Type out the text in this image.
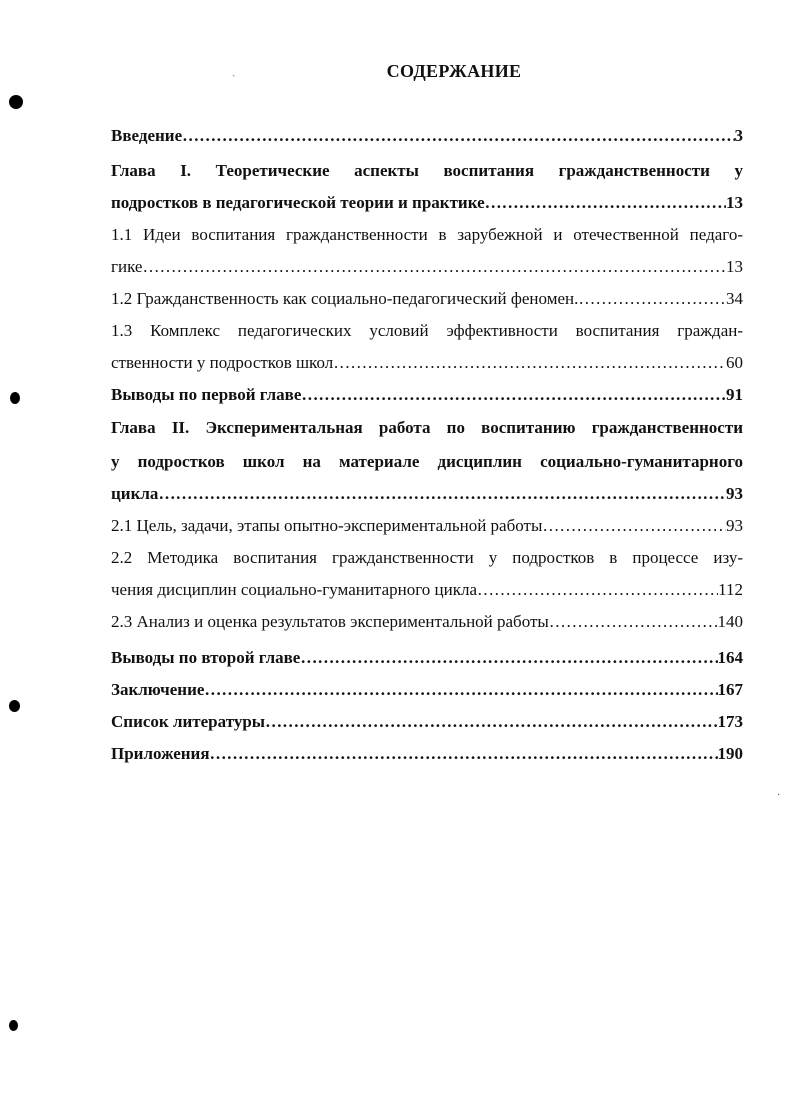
СОДЕРЖАНИЕ
Введение …………………………………………………………………………………………………………………………………………………………………………	3
Глава I. Теоретические аспекты воспитания гражданственности у
подростков в педагогической теории и практике …………………………………………………………………………………………………………………………………………………………………………	13
1.1 Идеи воспитания гражданственности в зарубежной и отечественной педаго-
гике …………………………………………………………………………………………………………………………………………………………………………	13
1.2 Гражданственность как социально-педагогический феномен. …………………………………………………………………………………………………………………………………………………………………………	34
1.3 Комплекс педагогических условий эффективности воспитания граждан-
ственности у подростков школ …………………………………………………………………………………………………………………………………………………………………………	60
Выводы по первой главе …………………………………………………………………………………………………………………………………………………………………………	91
Глава II. Экспериментальная работа по воспитанию гражданственности
у подростков школ на материале дисциплин социально-гуманитарного
цикла …………………………………………………………………………………………………………………………………………………………………………	93
2.1 Цель, задачи, этапы опытно-экспериментальной работы …………………………………………………………………………………………………………………………………………………………………………	93
2.2 Методика воспитания гражданственности у подростков в процессе изу-
чения дисциплин социально-гуманитарного цикла …………………………………………………………………………………………………………………………………………………………………………	112
2.3 Анализ и оценка результатов экспериментальной работы …………………………………………………………………………………………………………………………………………………………………………	140
Выводы по второй главе …………………………………………………………………………………………………………………………………………………………………………	164
Заключение …………………………………………………………………………………………………………………………………………………………………………	167
Список литературы …………………………………………………………………………………………………………………………………………………………………………	173
Приложения …………………………………………………………………………………………………………………………………………………………………………	190
ˏ
·
